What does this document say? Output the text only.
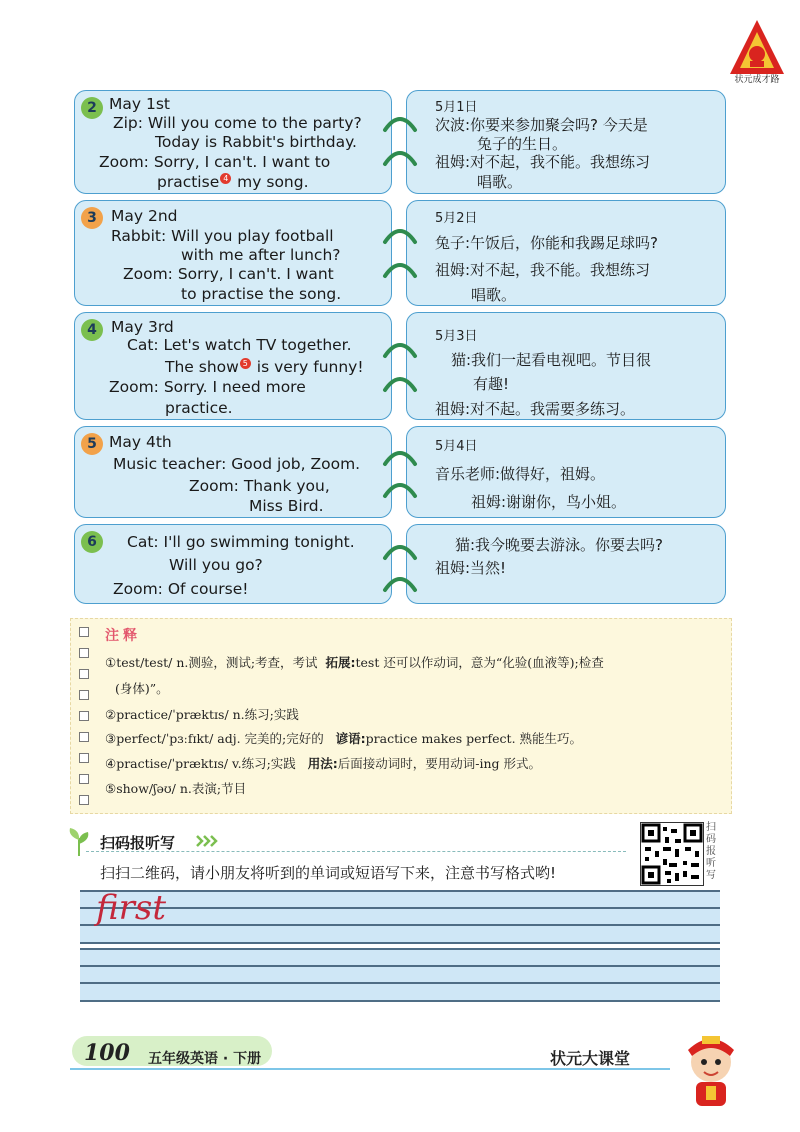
状元成才路
2 May 1st
Zip: Will you come to the party?
Today is Rabbit's birthday.
Zoom: Sorry, I can't. I want to
practise 4 my song.
5月1日
次波:你要来参加聚会吗? 今天是
兔子的生日。
祖姆:对不起，我不能。我想练习
唱歌。
3 May 2nd
Rabbit: Will you play football
with me after lunch?
Zoom: Sorry, I can't. I want
to practise the song.
5月2日
兔子:午饭后，你能和我踢足球吗?
祖姆:对不起，我不能。我想练习
唱歌。
4 May 3rd
Cat: Let's watch TV together.
The show 5 is very funny!
Zoom: Sorry. I need more
practice.
5月3日
猫:我们一起看电视吧。节目很
有趣!
祖姆:对不起。我需要多练习。
5 May 4th
Music teacher: Good job, Zoom.
Zoom: Thank you,
Miss Bird.
5月4日
音乐老师:做得好，祖姆。
祖姆:谢谢你，鸟小姐。
6	Cat: I'll go swimming tonight.
Will you go?
Zoom: Of course!
猫:我今晚要去游泳。你要去吗?
祖姆:当然!
注释
①test/test/ n.测验，测试;考查，考试 拓展:test 还可以作动词，意为“化验(血液等);检查
(身体)”。
②practice/ˈpræktɪs/ n.练习;实践
③perfect/ˈpɜːfɪkt/ adj. 完美的;完好的 谚语:practice makes perfect. 熟能生巧。
④practise/ˈpræktɪs/ v.练习;实践 用法:后面接动词时，要用动词-ing 形式。
⑤show/ʃəʊ/ n.表演;节目
扫码报听写
扫扫二维码，请小朋友将听到的单词或短语写下来，注意书写格式哟!
扫
码
报
听
写
first
100 五年级英语 · 下册	状元大课堂
